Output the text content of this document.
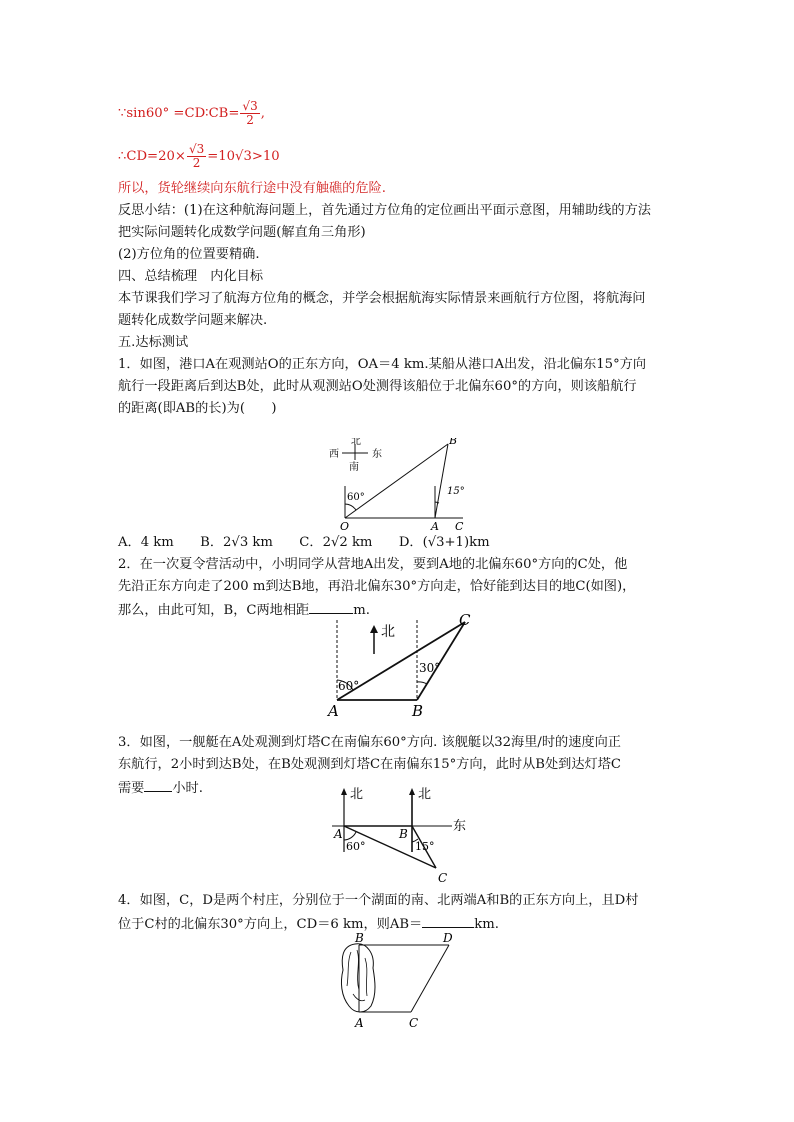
∵sin60° =CD∶CB= $\frac{√3}{2}$ ,
∴CD=20× $\frac{√3}{2} =10√3>10$
所以，货轮继续向东航行途中没有触礁的危险.
反思小结：(1)在这种航海问题上，首先通过方位角的定位画出平面示意图，用辅助线的方法
把实际问题转化成数学问题(解直角三角形)
(2)方位角的位置要精确.
四、总结梳理　内化目标
本节课我们学习了航海方位角的概念，并学会根据航海实际情景来画航行方位图，将航海问
题转化成数学问题来解决.
五.达标测试
1．如图，港口A在观测站O的正东方向，OA＝4 km.某船从港口A出发，沿北偏东15°方向
航行一段距离后到达B处，此时从观测站O处测得该船位于北偏东60°的方向，则该船航行
的距离(即AB的长)为(　　)
北
南
西	东
60°
15°
O	A
B
C
A．4 km　　B．2√3 km　　C．2√2 km　　D．(√3+1)km
2．在一次夏令营活动中，小明同学从营地A出发，要到A地的北偏东60°方向的C处，他
先沿正东方向走了200 m到达B地，再沿北偏东30°方向走，恰好能到达目的地C(如图)，
那么，由此可知，B，C两地相距	m.
北
60°
30°
A	B
C
3．如图，一舰艇在A处观测到灯塔C在南偏东60°方向. 该舰艇以32海里/时的速度向正
东航行，2小时到达B处，在B处观测到灯塔C在南偏东15°方向，此时从B处到达灯塔C
需要 小时.	北	北
东
60°	15°
A	B
C
4．如图，C，D是两个村庄，分别位于一个湖面的南、北两端A和B的正东方向上，且D村
位于C村的北偏东30°方向上，CD＝6 km，则AB＝	km.
B
A	C
D
